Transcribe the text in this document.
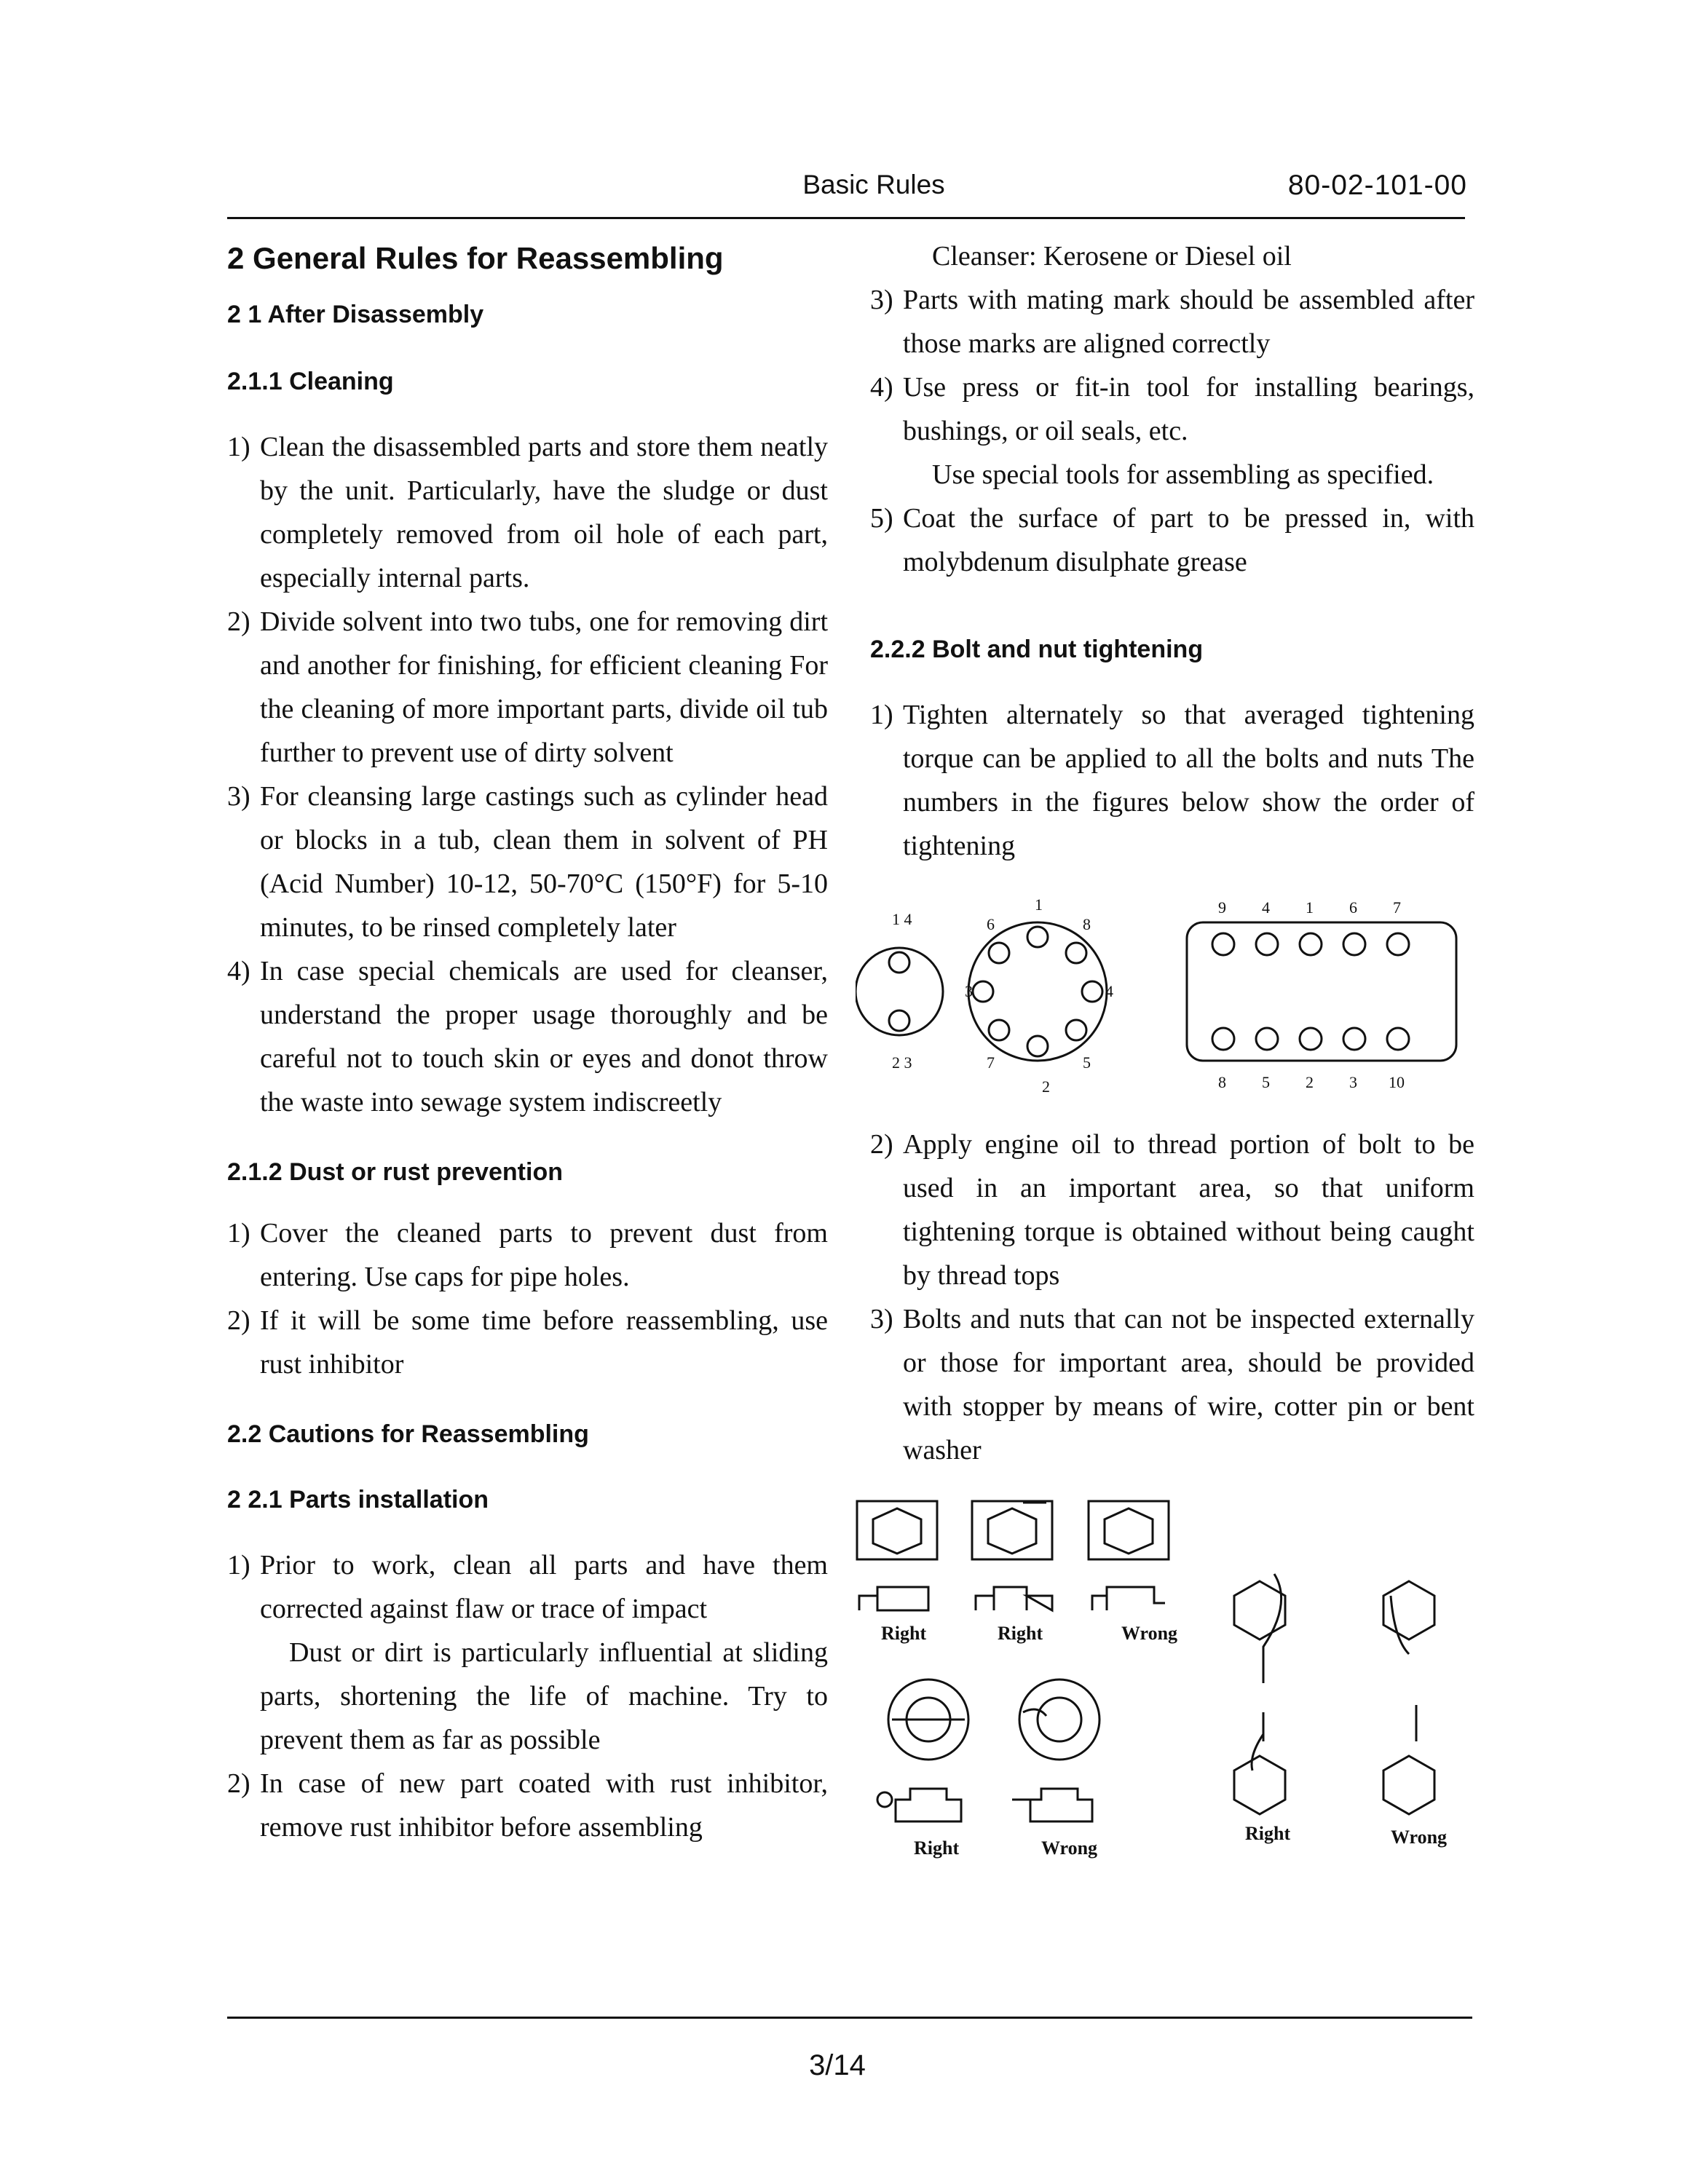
Basic Rules	80-02-101-00
2 General Rules for Reassembling
2 1 After Disassembly
2.1.1 Cleaning
1) Clean the disassembled parts and store them neatly by the unit. Particularly, have the sludge or dust completely removed from oil hole of each part, especially internal parts.

2) Divide solvent into two tubs, one for removing dirt and another for finishing, for efficient cleaning For the cleaning of more important parts, divide oil tub further to prevent use of dirty solvent

3) For cleansing large castings such as cylinder head or blocks in a tub, clean them in solvent of PH (Acid Number) 10-12, 50-70°C (150°F) for 5-10 minutes, to be rinsed completely later

4) In case special chemicals are used for cleanser, understand the proper usage thoroughly and be careful not to touch skin or eyes and donot throw the waste into sewage system indiscreetly

2.1.2 Dust or rust prevention
1) Cover the cleaned parts to prevent dust from entering. Use caps for pipe holes.

2) If it will be some time before reassembling, use rust inhibitor

2.2 Cautions for Reassembling
2 2.1 Parts installation
1) Prior to work, clean all parts and have them corrected against flaw or trace of impact

Dust or dirt is particularly influential at sliding parts, shortening the life of machine. Try to prevent them as far as possible

2) In case of new part coated with rust inhibitor, remove rust inhibitor before assembling

Cleanser: Kerosene or Diesel oil

3) Parts with mating mark should be assembled after those marks are aligned correctly

4) Use press or fit-in tool for installing bearings, bushings, or oil seals, etc.

Use special tools for assembling as specified.

5) Coat the surface of part to be pressed in, with molybdenum disulphate grease

2.2.2 Bolt and nut tightening
1) Tighten alternately so that averaged tightening torque can be applied to all the bolts and nuts The numbers in the figures below show the order of tightening

1 4
2 3
1
6	8
3	4
7	5
2
9 4 1 6 7
8 5 2 3 10
2) Apply engine oil to thread portion of bolt to be used in an important area, so that uniform tightening torque is obtained without being caught by thread tops

3) Bolts and nuts that can not be inspected externally or those for important area, should be provided with stopper by means of wire, cotter pin or bent washer

Right	Right	Wrong
Right	Wrong
Right	Wrong
3/14
